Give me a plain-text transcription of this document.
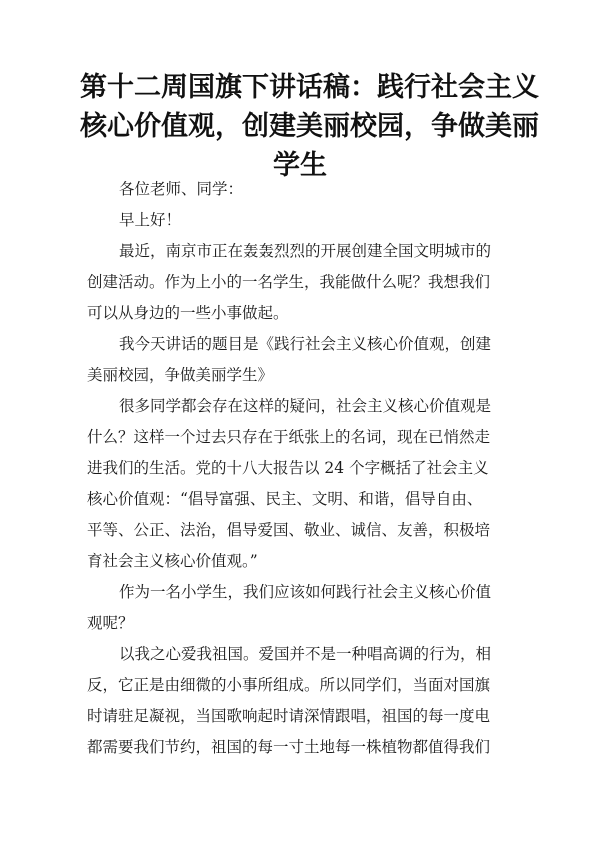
第十二周国旗下讲话稿：践行社会主义
核心价值观，创建美丽校园，争做美丽
学生

各位老师、同学：

早上好！

最近，南京市正在轰轰烈烈的开展创建全国文明城市的
创建活动。作为上小的一名学生，我能做什么呢？我想我们
可以从身边的一些小事做起。

我今天讲话的题目是《践行社会主义核心价值观，创建
美丽校园，争做美丽学生》

很多同学都会存在这样的疑问，社会主义核心价值观是
什么？这样一个过去只存在于纸张上的名词，现在已悄然走
进我们的生活。党的十八大报告以 24 个字概括了社会主义
核心价值观：“倡导富强、民主、文明、和谐，倡导自由、
平等、公正、法治，倡导爱国、敬业、诚信、友善，积极培
育社会主义核心价值观。”

作为一名小学生，我们应该如何践行社会主义核心价值
观呢？

以我之心爱我祖国。爱国并不是一种唱高调的行为，相
反，它正是由细微的小事所组成。所以同学们，当面对国旗
时请驻足凝视，当国歌响起时请深情跟唱，祖国的每一度电
都需要我们节约，祖国的每一寸土地每一株植物都值得我们
